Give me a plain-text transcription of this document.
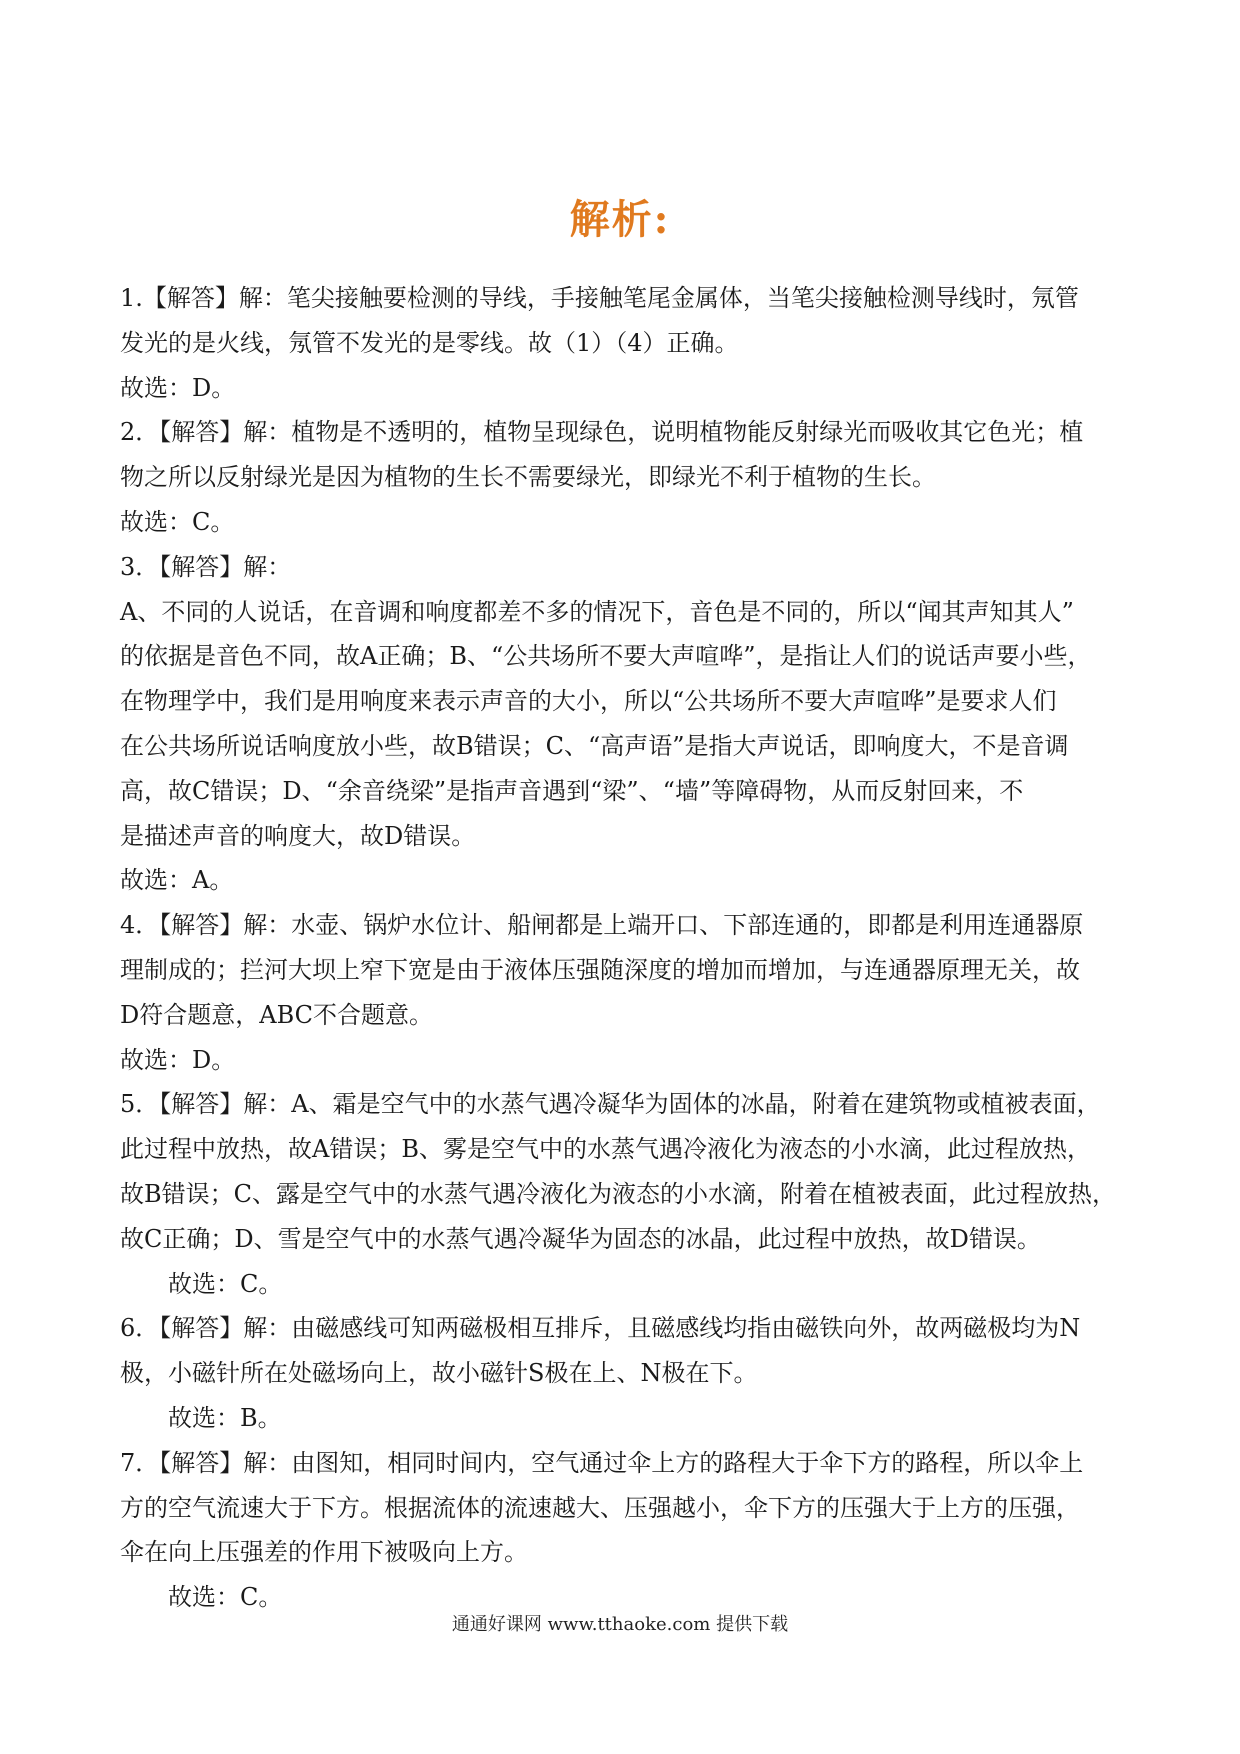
解析:
1.【解答】解：笔尖接触要检测的导线，手接触笔尾金属体，当笔尖接触检测导线时，氖管
发光的是火线，氖管不发光的是零线。故（1）（4）正确。
故选：D。
2．【解答】解：植物是不透明的，植物呈现绿色，说明植物能反射绿光而吸收其它色光；植
物之所以反射绿光是因为植物的生长不需要绿光，即绿光不利于植物的生长。
故选：C。
3．【解答】解：
A、不同的人说话，在音调和响度都差不多的情况下，音色是不同的，所以“闻其声知其人”
的依据是音色不同，故A正确；B、“公共场所不要大声喧哗”，是指让人们的说话声要小些，
在物理学中，我们是用响度来表示声音的大小，所以“公共场所不要大声喧哗”是要求人们
在公共场所说话响度放小些，故B错误；C、“高声语”是指大声说话，即响度大，不是音调
高，故C错误；D、“余音绕梁”是指声音遇到“梁”、“墙”等障碍物，从而反射回来，不
是描述声音的响度大，故D错误。
故选：A。
4．【解答】解：水壶、锅炉水位计、船闸都是上端开口、下部连通的，即都是利用连通器原
理制成的；拦河大坝上窄下宽是由于液体压强随深度的增加而增加，与连通器原理无关，故
D符合题意，ABC不合题意。
故选：D。
5．【解答】解：A、霜是空气中的水蒸气遇冷凝华为固体的冰晶，附着在建筑物或植被表面，
此过程中放热，故A错误；B、雾是空气中的水蒸气遇冷液化为液态的小水滴，此过程放热，
故B错误；C、露是空气中的水蒸气遇冷液化为液态的小水滴，附着在植被表面，此过程放热，
故C正确；D、雪是空气中的水蒸气遇冷凝华为固态的冰晶，此过程中放热，故D错误。
故选：C。
6．【解答】解：由磁感线可知两磁极相互排斥，且磁感线均指由磁铁向外，故两磁极均为N
极，小磁针所在处磁场向上，故小磁针S极在上、N极在下。
故选：B。
7．【解答】解：由图知，相同时间内，空气通过伞上方的路程大于伞下方的路程，所以伞上
方的空气流速大于下方。根据流体的流速越大、压强越小，伞下方的压强大于上方的压强，
伞在向上压强差的作用下被吸向上方。
故选：C。
通通好课网 www.tthaoke.com 提供下载
